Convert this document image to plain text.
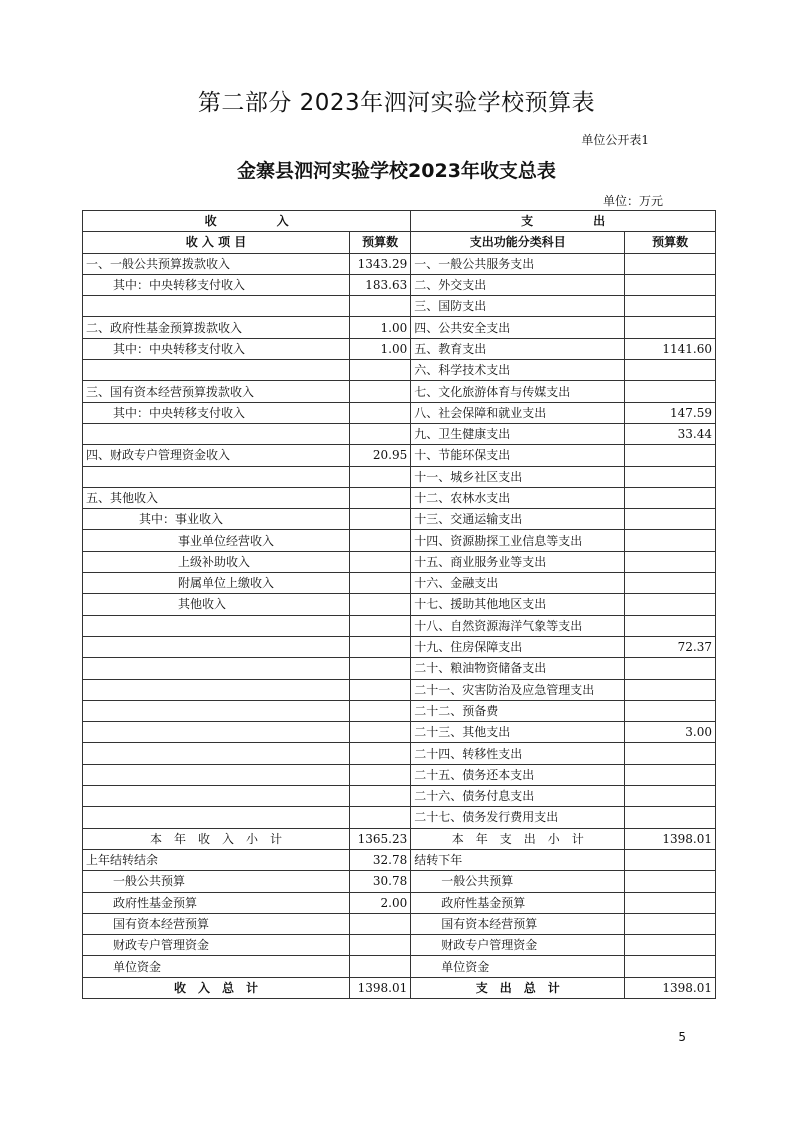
第二部分 2023年泗河实验学校预算表
单位公开表1
金寨县泗河实验学校2023年收支总表
单位：万元
收　　　　　入		支　　　　　出	
收 入 项 目	预算数	支出功能分类科目	预算数
一、一般公共预算拨款收入	1343.29	一、一般公共服务支出	
其中：中央转移支付收入	183.63	二、外交支出	
		三、国防支出	
二、政府性基金预算拨款收入	1.00	四、公共安全支出	
其中：中央转移支付收入	1.00	五、教育支出	1141.60
		六、科学技术支出	
三、国有资本经营预算拨款收入		七、文化旅游体育与传媒支出	
其中：中央转移支付收入		八、社会保障和就业支出	147.59
		九、卫生健康支出	33.44
四、财政专户管理资金收入	20.95	十、节能环保支出	
		十一、城乡社区支出	
五、其他收入		十二、农林水支出	
其中：事业收入		十三、交通运输支出	
事业单位经营收入		十四、资源勘探工业信息等支出	
上级补助收入		十五、商业服务业等支出	
附属单位上缴收入		十六、金融支出	
其他收入		十七、援助其他地区支出	
		十八、自然资源海洋气象等支出	
		十九、住房保障支出	72.37
		二十、粮油物资储备支出	
		二十一、灾害防治及应急管理支出	
		二十二、预备费	
		二十三、其他支出	3.00
		二十四、转移性支出	
		二十五、债务还本支出	
		二十六、债务付息支出	
		二十七、债务发行费用支出	
本　年　收　入　小　计	1365.23	本　年　支　出　小　计	1398.01
上年结转结余	32.78	结转下年	
一般公共预算	30.78	一般公共预算	
政府性基金预算	2.00	政府性基金预算	
国有资本经营预算		国有资本经营预算	
财政专户管理资金		财政专户管理资金	
单位资金		单位资金	
收　入　总　计	1398.01	支　出　总　计	1398.01
5
